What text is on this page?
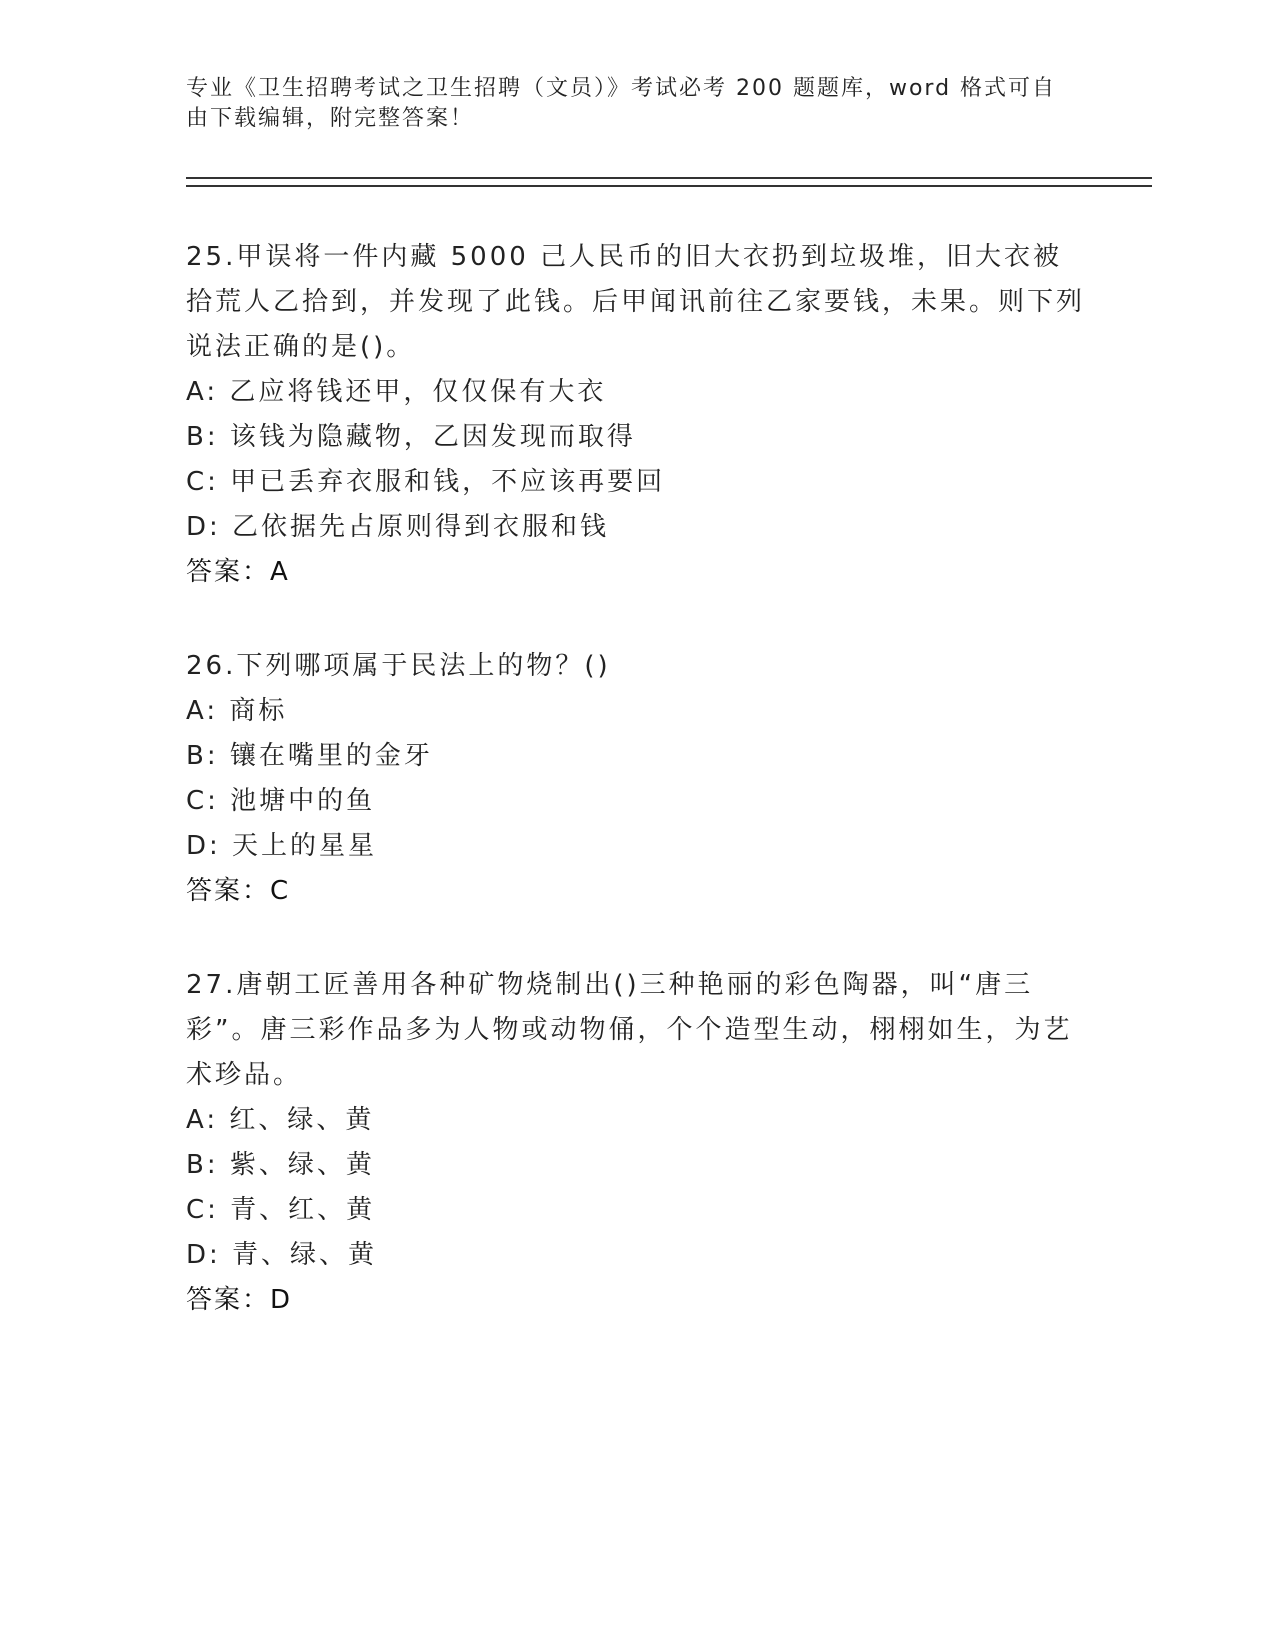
专业《卫生招聘考试之卫生招聘（文员）》考试必考 200 题题库，word 格式可自由下载编辑，附完整答案！

25.甲误将一件内藏 5000 己人民币的旧大衣扔到垃圾堆，旧大衣被拾荒人乙拾到，并发现了此钱。后甲闻讯前往乙家要钱，未果。则下列说法正确的是()。

A: 乙应将钱还甲，仅仅保有大衣

B: 该钱为隐藏物，乙因发现而取得

C: 甲已丢弃衣服和钱，不应该再要回

D: 乙依据先占原则得到衣服和钱

答案：A

26.下列哪项属于民法上的物？()

A: 商标

B: 镶在嘴里的金牙

C: 池塘中的鱼

D: 天上的星星

答案：C

27.唐朝工匠善用各种矿物烧制出()三种艳丽的彩色陶器，叫“唐三彩”。唐三彩作品多为人物或动物俑，个个造型生动，栩栩如生，为艺术珍品。

A: 红、绿、黄

B: 紫、绿、黄

C: 青、红、黄

D: 青、绿、黄

答案：D
